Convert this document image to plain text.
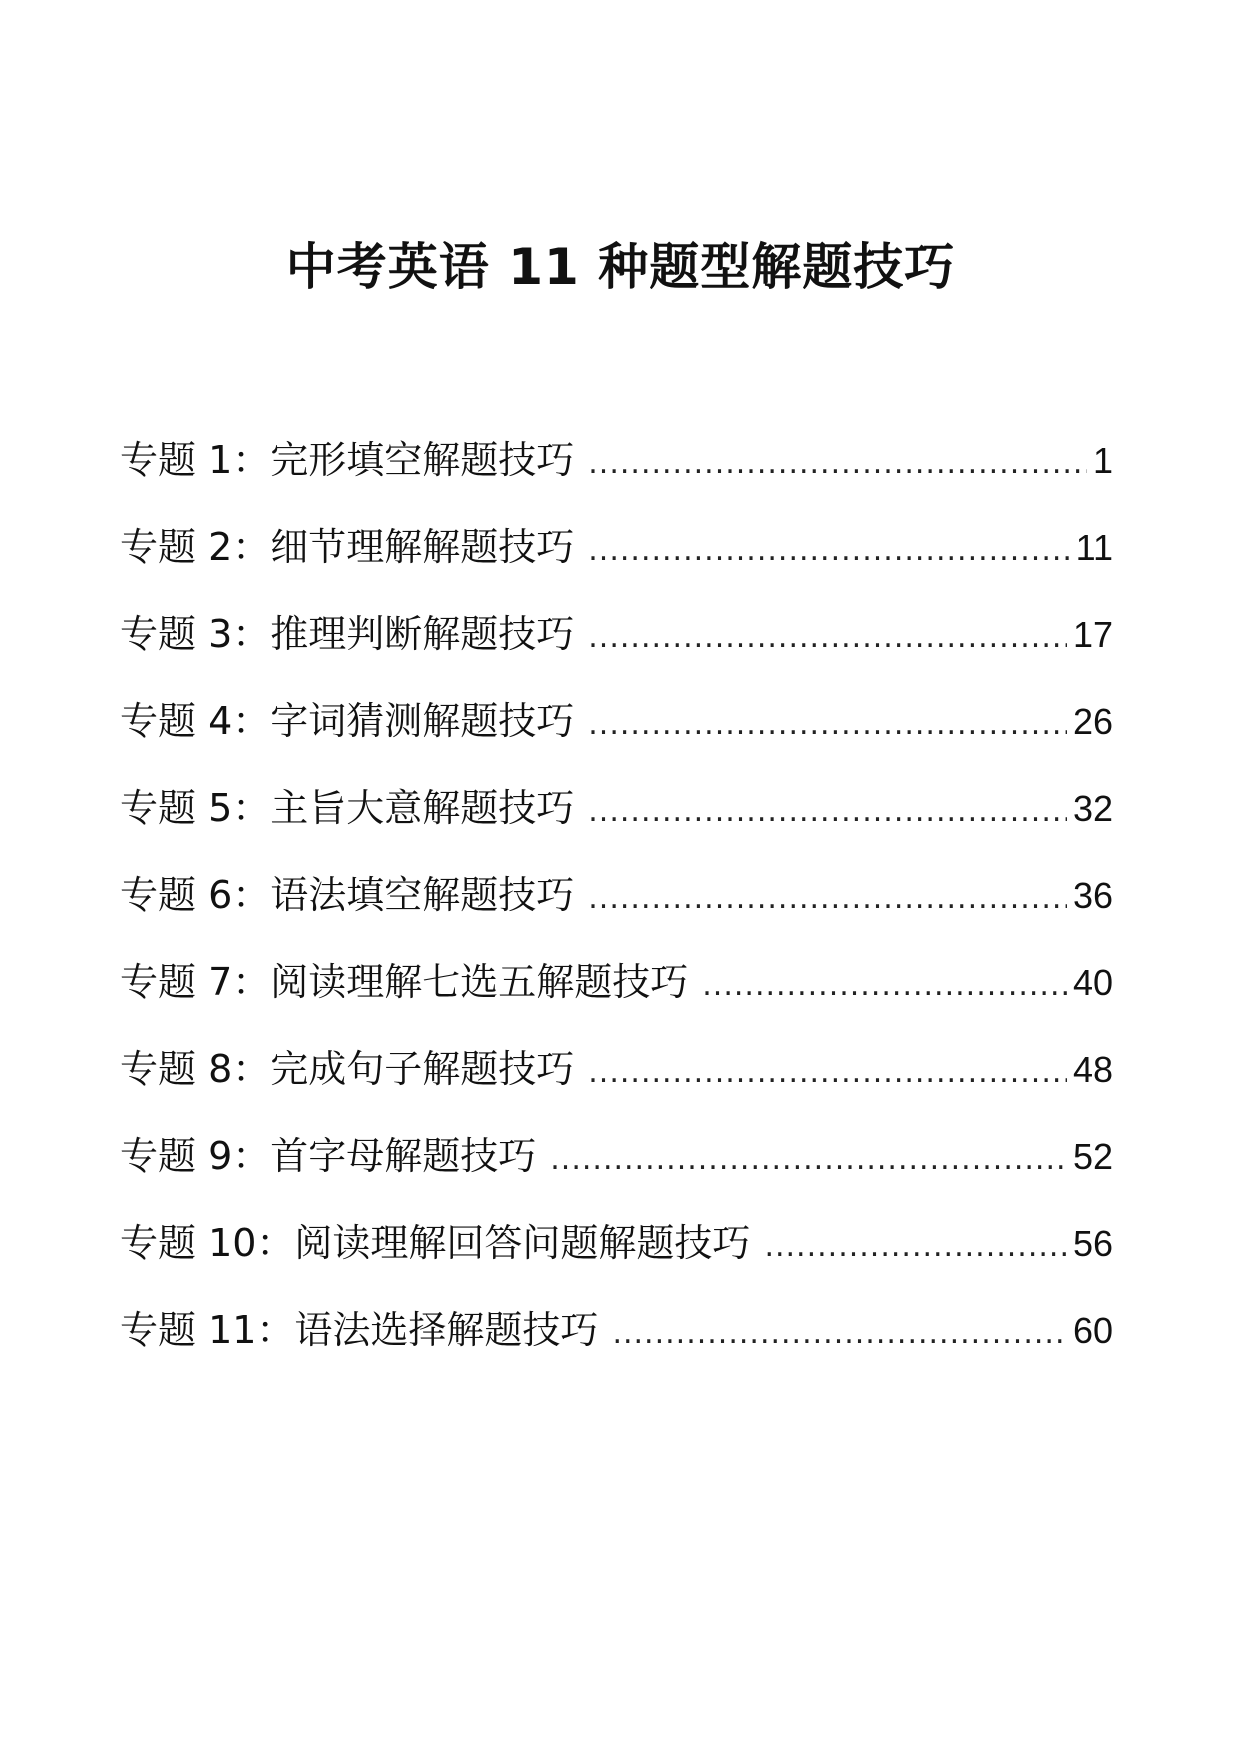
中考英语 11 种题型解题技巧
专题 1：完形填空解题技巧 .....	1
专题 2：细节理解解题技巧 .....	11
专题 3：推理判断解题技巧 .....	17
专题 4：字词猜测解题技巧 .....	26
专题 5：主旨大意解题技巧 .....	32
专题 6：语法填空解题技巧 .....	36
专题 7：阅读理解七选五解题技巧 .....	40
专题 8：完成句子解题技巧 .....	48
专题 9：首字母解题技巧 .....	52
专题 10：阅读理解回答问题解题技巧 .....	56
专题 11：语法选择解题技巧 .....	60
